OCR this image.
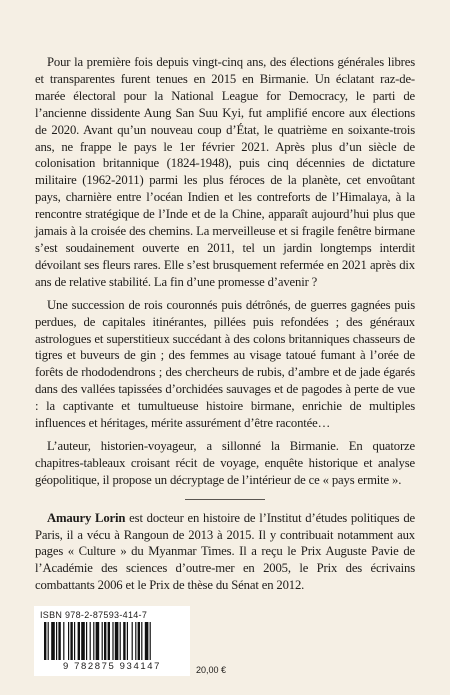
Pour la première fois depuis vingt-cinq ans, des élections générales libres et transparentes furent tenues en 2015 en Birmanie. Un éclatant raz-de-marée électoral pour la National League for Democracy, le parti de l’ancienne dissidente Aung San Suu Kyi, fut amplifié encore aux élections de 2020. Avant qu’un nouveau coup d’État, le quatrième en soixante-trois ans, ne frappe le pays le 1er février 2021. Après plus d’un siècle de colonisation britannique (1824-1948), puis cinq décennies de dictature militaire (1962-2011) parmi les plus féroces de la planète, cet envoûtant pays, charnière entre l’océan Indien et les contreforts de l’Himalaya, à la rencontre stratégique de l’Inde et de la Chine, apparaît aujourd’hui plus que jamais à la croisée des chemins. La merveilleuse et si fragile fenêtre birmane s’est soudainement ouverte en 2011, tel un jardin longtemps interdit dévoilant ses fleurs rares. Elle s’est brusquement refermée en 2021 après dix ans de relative stabilité. La fin d’une promesse d’avenir ?

Une succession de rois couronnés puis détrônés, de guerres gagnées puis perdues, de capitales itinérantes, pillées puis refondées ; des généraux astrologues et superstitieux succédant à des colons britanniques chasseurs de tigres et buveurs de gin ; des femmes au visage tatoué fumant à l’orée de forêts de rhododendrons ; des chercheurs de rubis, d’ambre et de jade égarés dans des vallées tapissées d’orchidées sauvages et de pagodes à perte de vue : la captivante et tumultueuse histoire birmane, enrichie de multiples influences et héritages, mérite assurément d’être racontée…

L’auteur, historien-voyageur, a sillonné la Birmanie. En quatorze chapitres-tableaux croisant récit de voyage, enquête historique et analyse géopolitique, il propose un décryptage de l’intérieur de ce « pays ermite ».

Amaury Lorin est docteur en histoire de l’Institut d’études politiques de Paris, il a vécu à Rangoun de 2013 à 2015. Il y contribuait notamment aux pages « Culture » du Myanmar Times. Il a reçu le Prix Auguste Pavie de l’Académie des sciences d’outre-mer en 2005, le Prix des écrivains combattants 2006 et le Prix de thèse du Sénat en 2012.

ISBN 978-2-87593-414-7
9 782875 934147	20,00 €
